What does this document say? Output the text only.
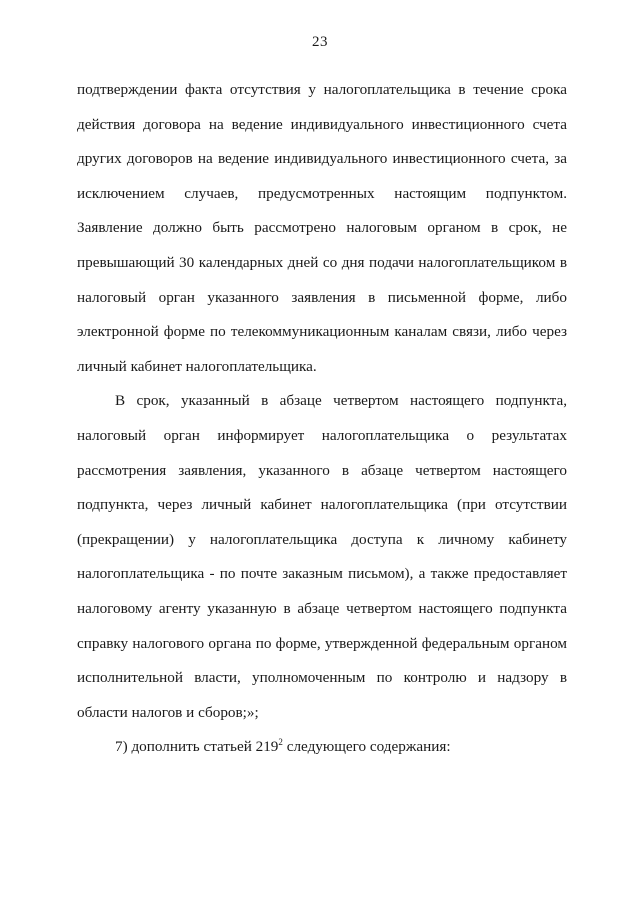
23

подтверждении факта отсутствия у налогоплательщика в течение срока действия договора на ведение индивидуального инвестиционного счета других договоров на ведение индивидуального инвестиционного счета, за исключением случаев, предусмотренных настоящим подпунктом. Заявление должно быть рассмотрено налоговым органом в срок, не превышающий 30 календарных дней со дня подачи налогоплательщиком в налоговый орган указанного заявления в письменной форме, либо электронной форме по телекоммуникационным каналам связи, либо через личный кабинет налогоплательщика.

В срок, указанный в абзаце четвертом настоящего подпункта, налоговый орган информирует налогоплательщика о результатах рассмотрения заявления, указанного в абзаце четвертом настоящего подпункта, через личный кабинет налогоплательщика (при отсутствии (прекращении) у налогоплательщика доступа к личному кабинету налогоплательщика - по почте заказным письмом), а также предоставляет налоговому агенту указанную в абзаце четвертом настоящего подпункта справку налогового органа по форме, утвержденной федеральным органом исполнительной власти, уполномоченным по контролю и надзору в области налогов и сборов;»;

7) дополнить статьей $219^2$ следующего содержания:
